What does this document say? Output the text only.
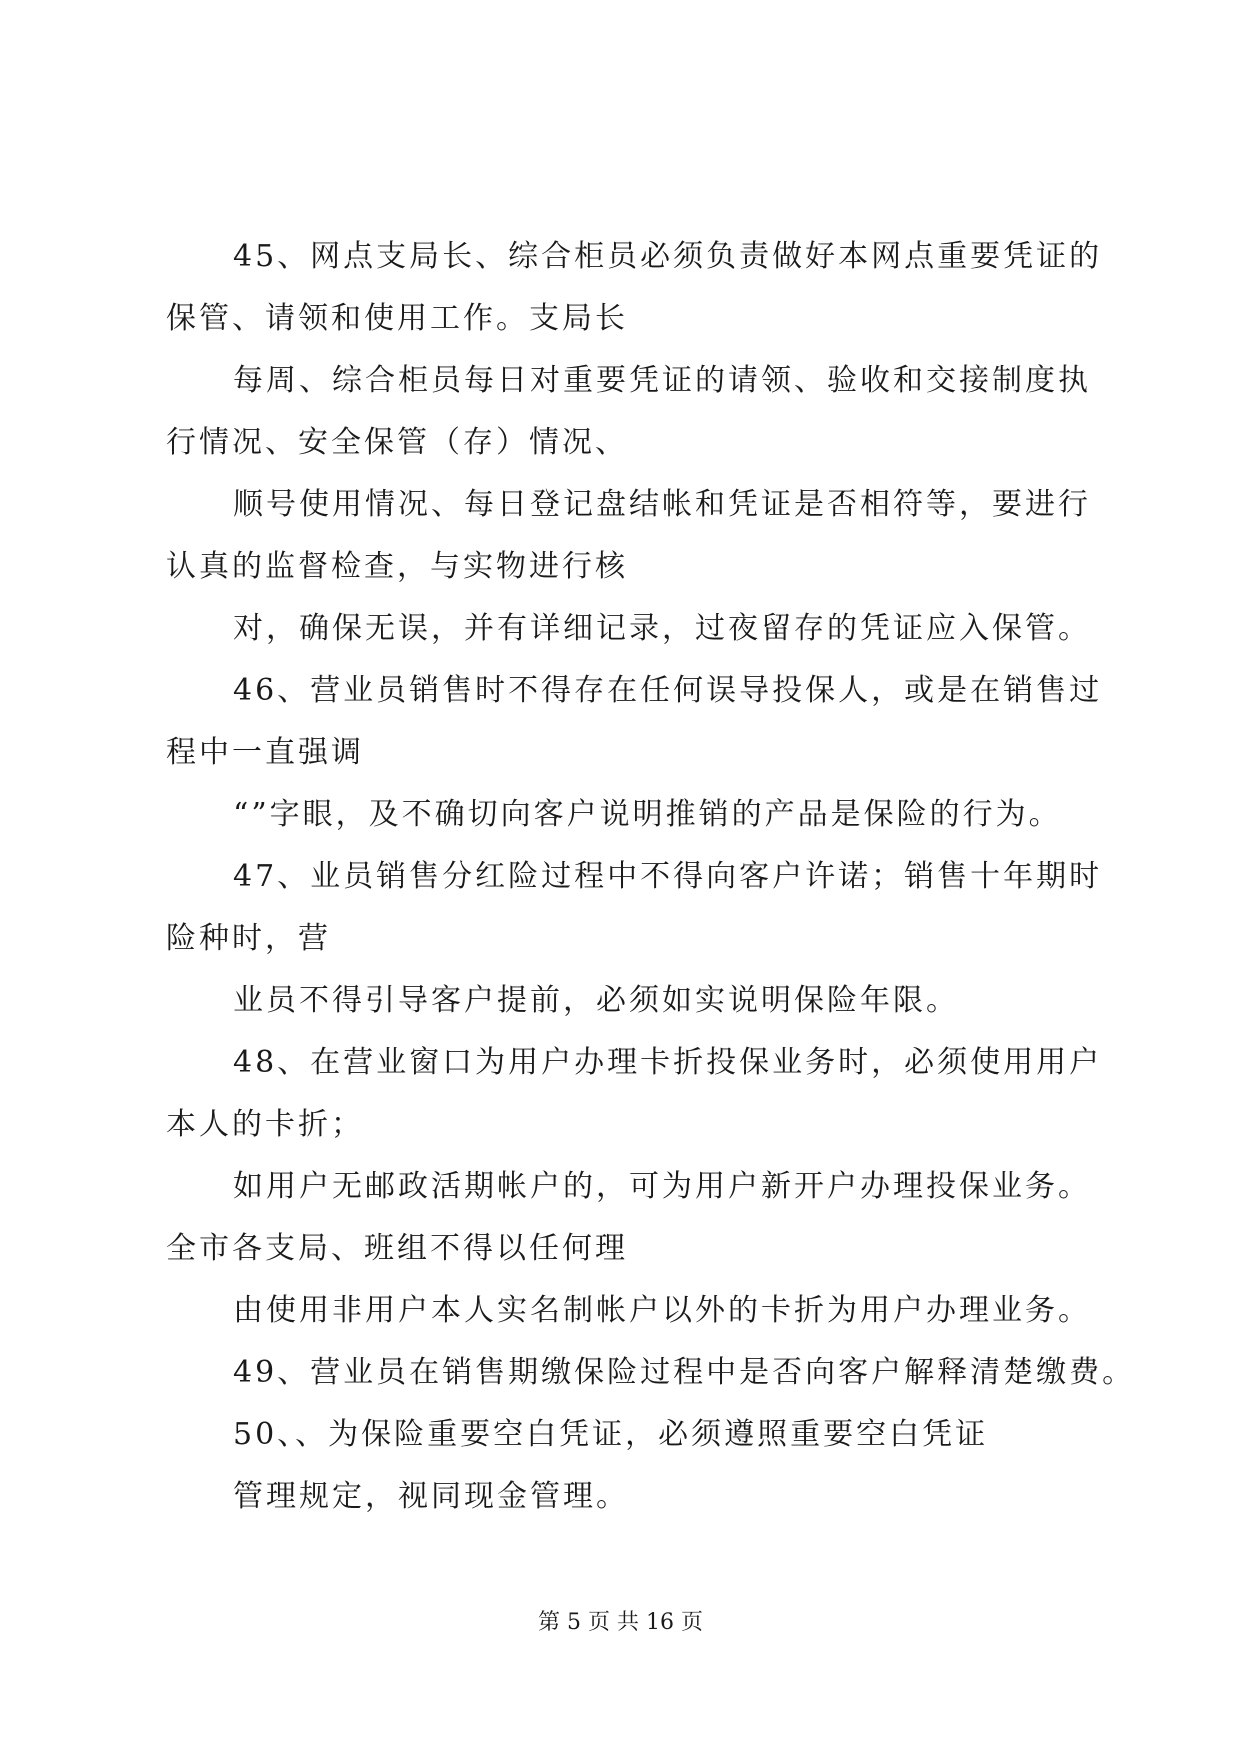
45、网点支局长、综合柜员必须负责做好本网点重要凭证的
保管、请领和使用工作。支局长
每周、综合柜员每日对重要凭证的请领、验收和交接制度执
行情况、安全保管（存）情况、
顺号使用情况、每日登记盘结帐和凭证是否相符等，要进行
认真的监督检查，与实物进行核
对，确保无误，并有详细记录，过夜留存的凭证应入保管。
46、营业员销售时不得存在任何误导投保人，或是在销售过
程中一直强调
“”字眼，及不确切向客户说明推销的产品是保险的行为。
47、业员销售分红险过程中不得向客户许诺；销售十年期时
险种时，营
业员不得引导客户提前，必须如实说明保险年限。
48、在营业窗口为用户办理卡折投保业务时，必须使用用户
本人的卡折；
如用户无邮政活期帐户的，可为用户新开户办理投保业务。
全市各支局、班组不得以任何理
由使用非用户本人实名制帐户以外的卡折为用户办理业务。
49、营业员在销售期缴保险过程中是否向客户解释清楚缴费。
50、、为保险重要空白凭证，必须遵照重要空白凭证
管理规定，视同现金管理。
第 5 页 共 16 页
